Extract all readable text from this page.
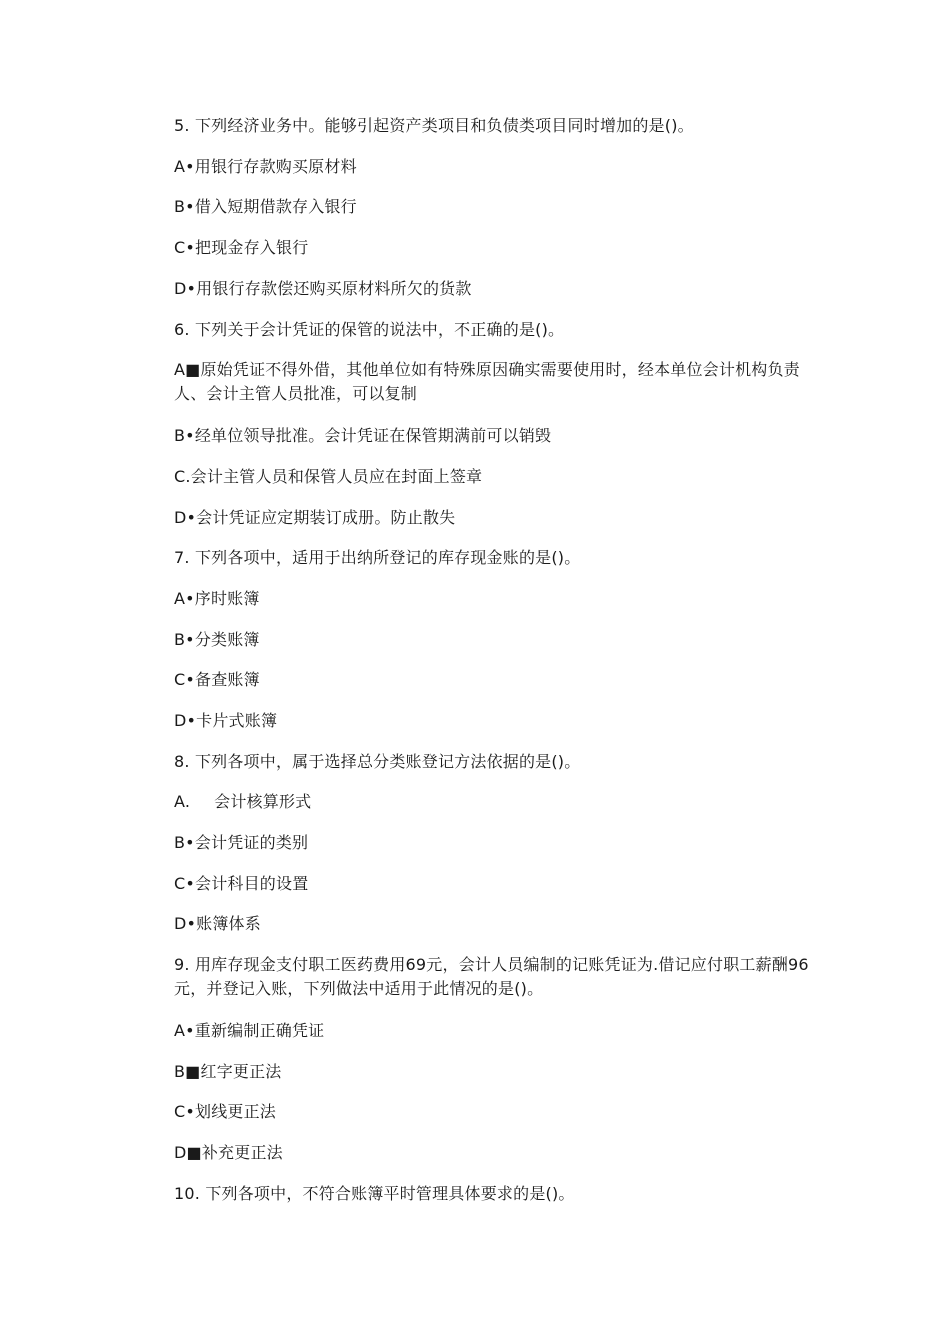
5. 下列经济业务中。能够引起资产类项目和负债类项目同时增加的是()。
A•用银行存款购买原材料
B•借入短期借款存入银行
C•把现金存入银行
D•用银行存款偿还购买原材料所欠的货款
6. 下列关于会计凭证的保管的说法中，不正确的是()。
A■原始凭证不得外借，其他单位如有特殊原因确实需要使用时，经本单位会计机构负责人、会计主管人员批准，可以复制
B•经单位领导批准。会计凭证在保管期满前可以销毁
C.会计主管人员和保管人员应在封面上签章
D•会计凭证应定期装订成册。防止散失
7. 下列各项中，适用于出纳所登记的库存现金账的是()。
A•序时账簿
B•分类账簿
C•备查账簿
D•卡片式账簿
8. 下列各项中，属于选择总分类账登记方法依据的是()。
A. 会计核算形式
B•会计凭证的类别
C•会计科目的设置
D•账簿体系
9. 用库存现金支付职工医药费用69元，会计人员编制的记账凭证为.借记应付职工薪酬96元，并登记入账，下列做法中适用于此情况的是()。
A•重新编制正确凭证
B■红字更正法
C•划线更正法
D■补充更正法
10. 下列各项中，不符合账簿平时管理具体要求的是()。
